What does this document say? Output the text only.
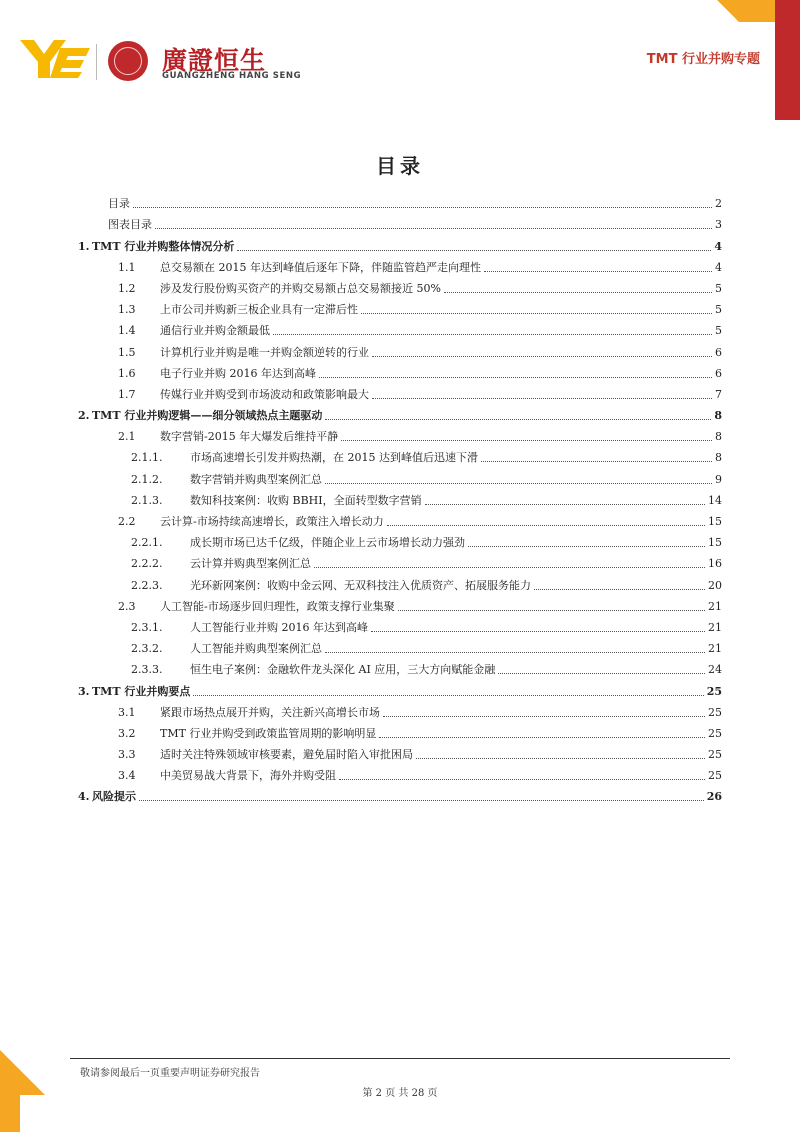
廣證恒生
GUANGZHENG HANG SENG
TMT 行业并购专题
目录
目录	2
图表目录	3
1. TMT 行业并购整体情况分析	4
1.1	总交易额在 2015 年达到峰值后逐年下降，伴随监管趋严走向理性	4
1.2	涉及发行股份购买资产的并购交易额占总交易额接近 50%	5
1.3	上市公司并购新三板企业具有一定滞后性	5
1.4	通信行业并购金额最低	5
1.5	计算机行业并购是唯一并购金额逆转的行业	6
1.6	电子行业并购 2016 年达到高峰	6
1.7	传媒行业并购受到市场波动和政策影响最大	7
2. TMT 行业并购逻辑——细分领域热点主题驱动	8
2.1	数字营销-2015 年大爆发后维持平静	8
2.1.1.	市场高速增长引发并购热潮，在 2015 达到峰值后迅速下滑	8
2.1.2.	数字营销并购典型案例汇总	9
2.1.3.	数知科技案例：收购 BBHI，全面转型数字营销	14
2.2	云计算-市场持续高速增长，政策注入增长动力	15
2.2.1.	成长期市场已达千亿级，伴随企业上云市场增长动力强劲	15
2.2.2.	云计算并购典型案例汇总	16
2.2.3.	光环新网案例：收购中金云网、无双科技注入优质资产、拓展服务能力	20
2.3	人工智能-市场逐步回归理性，政策支撑行业集聚	21
2.3.1.	人工智能行业并购 2016 年达到高峰	21
2.3.2.	人工智能并购典型案例汇总	21
2.3.3.	恒生电子案例：金融软件龙头深化 AI 应用，三大方向赋能金融	24
3. TMT 行业并购要点	25
3.1	紧跟市场热点展开并购，关注新兴高增长市场	25
3.2	TMT 行业并购受到政策监管周期的影响明显	25
3.3	适时关注特殊领域审核要素，避免届时陷入审批困局	25
3.4	中美贸易战大背景下，海外并购受阻	25
4. 风险提示	26
敬请参阅最后一页重要声明证券研究报告
第 2 页 共 28 页
